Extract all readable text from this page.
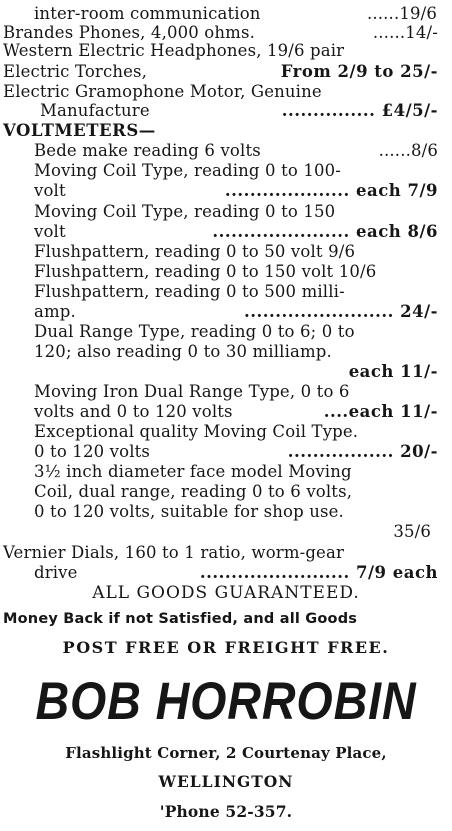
inter-room communication	......19/6
Brandes Phones, 4,000 ohms.	......14/-
Western Electric Headphones, 19/6 pair
Electric Torches,	From 2/9 to 25/-
Electric Gramophone Motor, Genuine
Manufacture	............... £4/5/-
VOLTMETERS—
Bede make reading 6 volts	......8/6
Moving Coil Type, reading 0 to 100-
volt	.................... each 7/9
Moving Coil Type, reading 0 to 150
volt	...................... each 8/6
Flushpattern, reading 0 to 50 volt 9/6
Flushpattern, reading 0 to 150 volt 10/6
Flushpattern, reading 0 to 500 milli-
amp.	........................ 24/-
Dual Range Type, reading 0 to 6; 0 to
120; also reading 0 to 30 milliamp.
each 11/-
Moving Iron Dual Range Type, 0 to 6
volts and 0 to 120 volts	....each 11/-
Exceptional quality Moving Coil Type.
0 to 120 volts	................. 20/-
3½ inch diameter face model Moving
Coil, dual range, reading 0 to 6 volts,
0 to 120 volts, suitable for shop use.
35/6
Vernier Dials, 160 to 1 ratio, worm-gear
drive	........................ 7/9 each
ALL GOODS GUARANTEED.
Money Back if not Satisfied, and all Goods
POST FREE OR FREIGHT FREE.
BOB HORROBIN
Flashlight Corner, 2 Courtenay Place,
WELLINGTON
'Phone 52-357.
